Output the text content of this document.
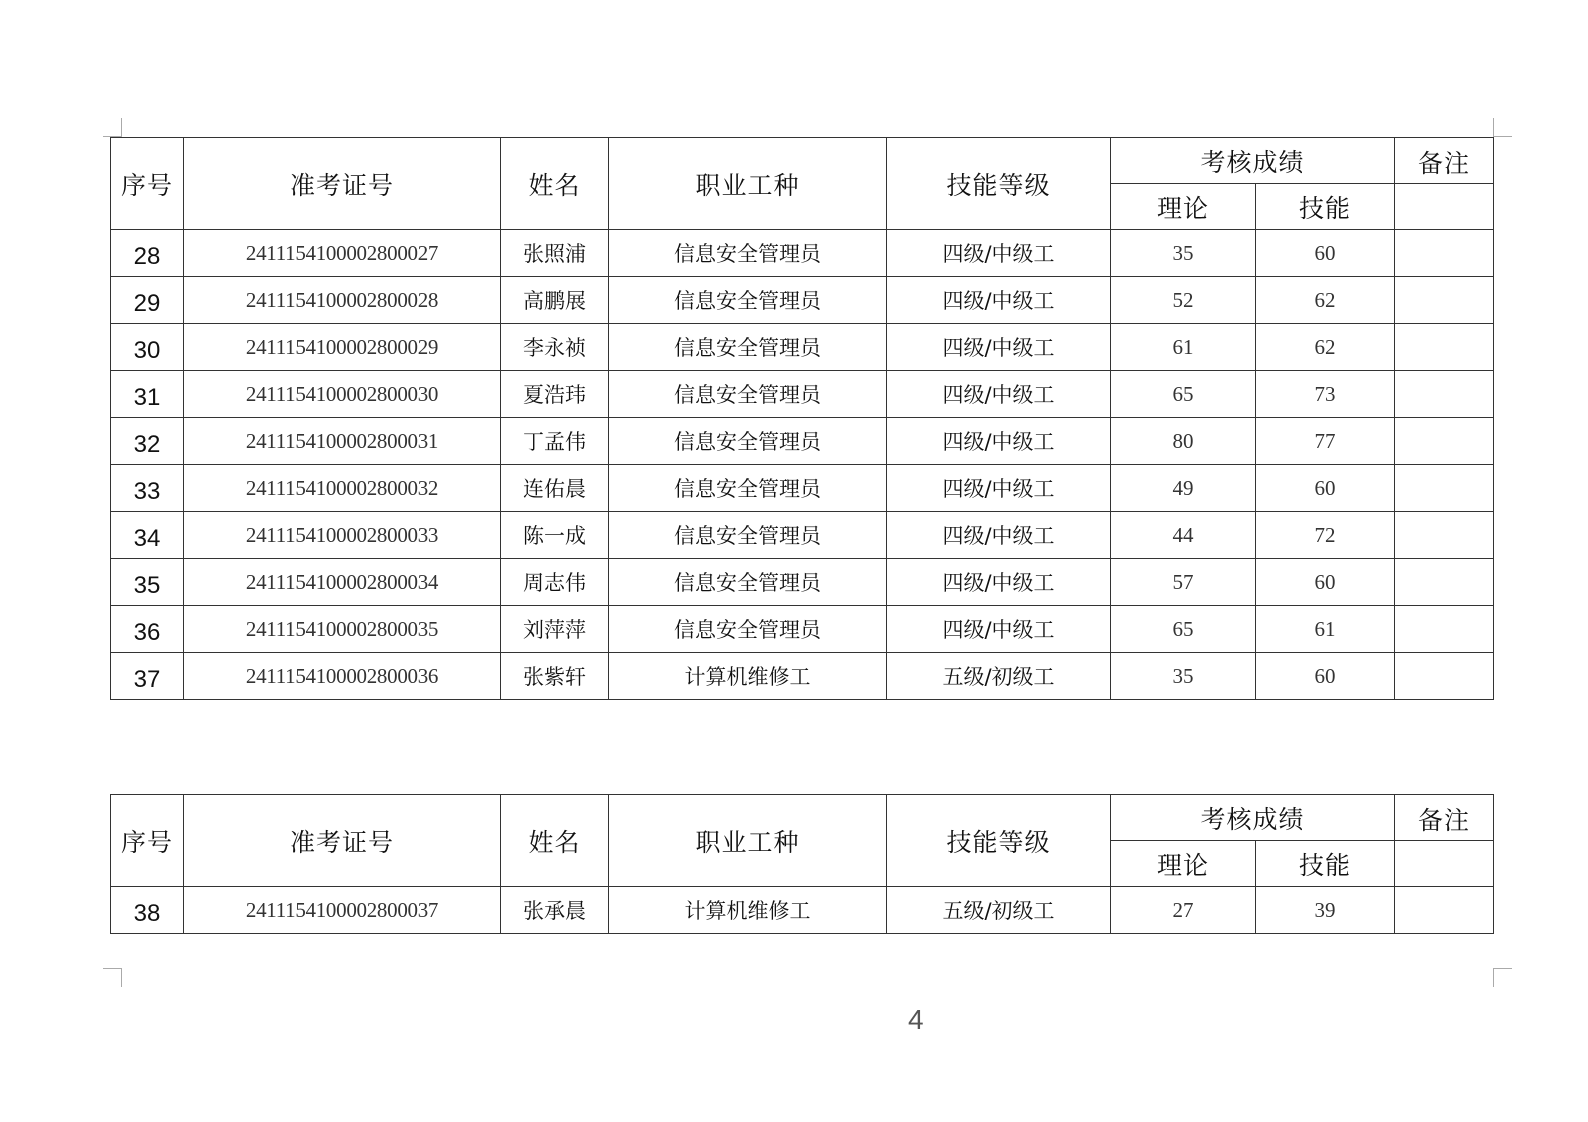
序号	准考证号	姓名	职业工种	技能等级	考核成绩		备注
					理论	技能	
28	2411154100002800027	张照浦	信息安全管理员	四级/中级工	35	60	
29	2411154100002800028	高鹏展	信息安全管理员	四级/中级工	52	62	
30	2411154100002800029	李永祯	信息安全管理员	四级/中级工	61	62	
31	2411154100002800030	夏浩玮	信息安全管理员	四级/中级工	65	73	
32	2411154100002800031	丁孟伟	信息安全管理员	四级/中级工	80	77	
33	2411154100002800032	连佑晨	信息安全管理员	四级/中级工	49	60	
34	2411154100002800033	陈一成	信息安全管理员	四级/中级工	44	72	
35	2411154100002800034	周志伟	信息安全管理员	四级/中级工	57	60	
36	2411154100002800035	刘萍萍	信息安全管理员	四级/中级工	65	61	
37	2411154100002800036	张紫轩	计算机维修工	五级/初级工	35	60	
序号	准考证号	姓名	职业工种	技能等级	考核成绩		备注
					理论	技能	
38	2411154100002800037	张承晨	计算机维修工	五级/初级工	27	39	
4
